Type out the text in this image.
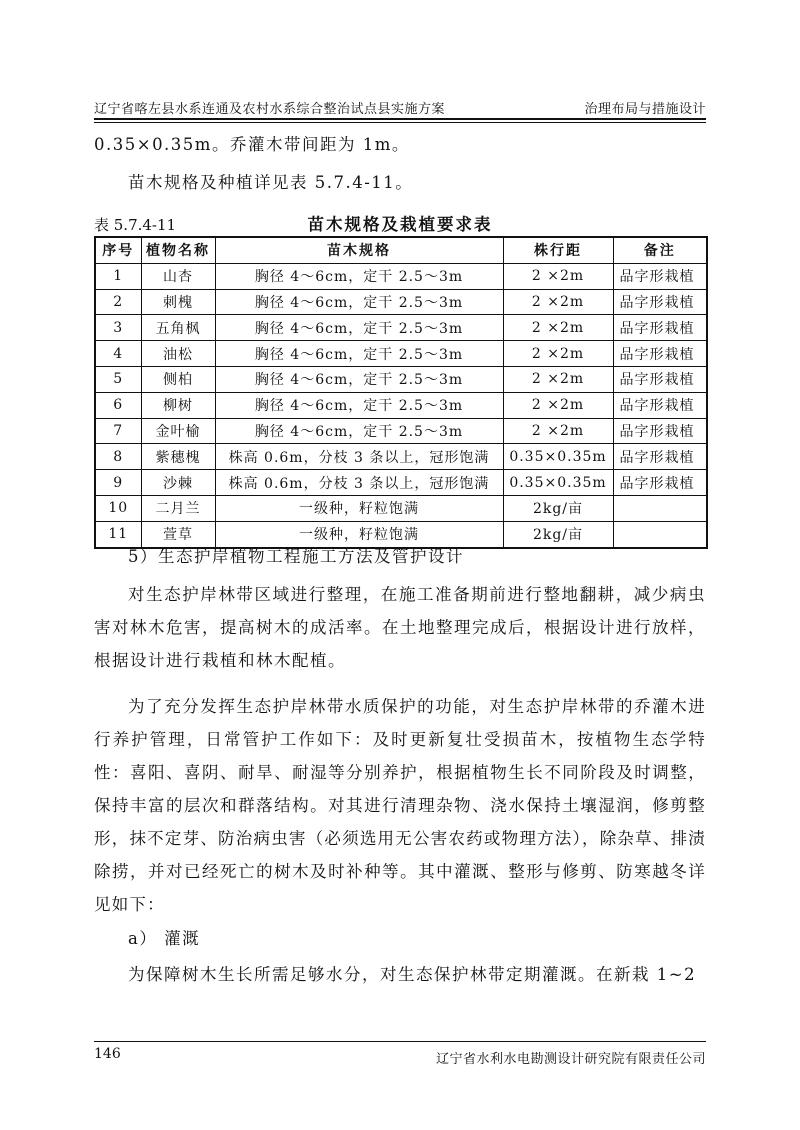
辽宁省喀左县水系连通及农村水系综合整治试点县实施方案	治理布局与措施设计

0.35×0.35m。乔灌木带间距为 1m。

苗木规格及种植详见表 5.7.4-11。

表 5.7.4-11	苗木规格及栽植要求表
序号	植物名称	苗木规格	株行距	备注
1	山杏	胸径 4～6cm，定干 2.5～3m	2 ×2m	品字形栽植
2	刺槐	胸径 4～6cm，定干 2.5～3m	2 ×2m	品字形栽植
3	五角枫	胸径 4～6cm，定干 2.5～3m	2 ×2m	品字形栽植
4	油松	胸径 4～6cm，定干 2.5～3m	2 ×2m	品字形栽植
5	侧柏	胸径 4～6cm，定干 2.5～3m	2 ×2m	品字形栽植
6	柳树	胸径 4～6cm，定干 2.5～3m	2 ×2m	品字形栽植
7	金叶榆	胸径 4～6cm，定干 2.5～3m	2 ×2m	品字形栽植
8	紫穗槐	株高 0.6m，分枝 3 条以上，冠形饱满	0.35×0.35m	品字形栽植
9	沙棘	株高 0.6m，分枝 3 条以上，冠形饱满	0.35×0.35m	品字形栽植
10	二月兰	一级种，籽粒饱满	2kg/亩	
11	萱草	一级种，籽粒饱满	2kg/亩	

5）生态护岸植物工程施工方法及管护设计

对生态护岸林带区域进行整理，在施工准备期前进行整地翻耕，减少病虫害对林木危害，提高树木的成活率。在土地整理完成后，根据设计进行放样，根据设计进行栽植和林木配植。

为了充分发挥生态护岸林带水质保护的功能，对生态护岸林带的乔灌木进行养护管理，日常管护工作如下：及时更新复壮受损苗木，按植物生态学特性：喜阳、喜阴、耐旱、耐湿等分别养护，根据植物生长不同阶段及时调整，保持丰富的层次和群落结构。对其进行清理杂物、浇水保持土壤湿润，修剪整形，抹不定芽、防治病虫害（必须选用无公害农药或物理方法），除杂草、排渍除捞，并对已经死亡的树木及时补种等。其中灌溉、整形与修剪、防寒越冬详见如下：

a） 灌溉

为保障树木生长所需足够水分，对生态保护林带定期灌溉。在新栽 1~2

146	辽宁省水利水电勘测设计研究院有限责任公司
